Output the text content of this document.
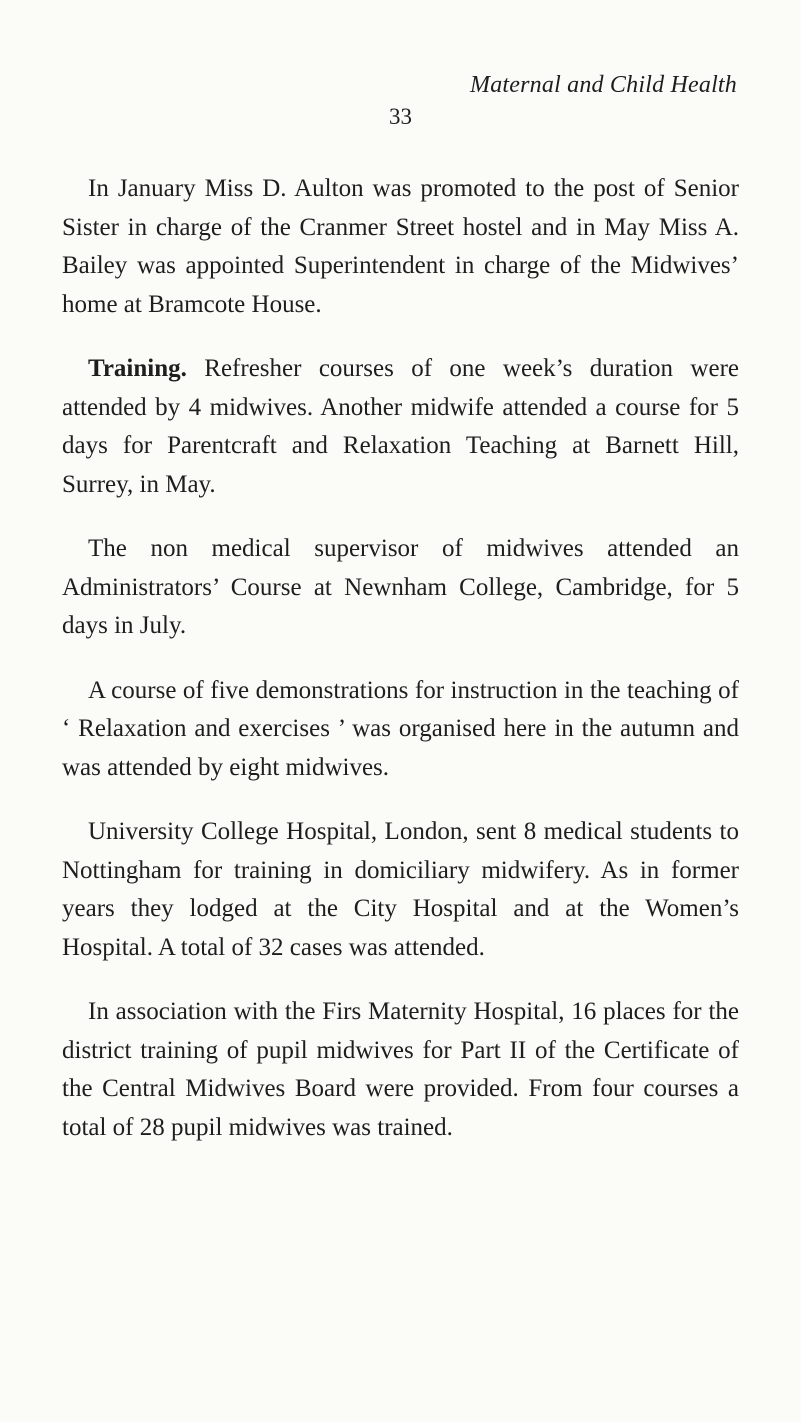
Maternal and Child Health
33

In January Miss D. Aulton was promoted to the post of Senior Sister in charge of the Cranmer Street hostel and in May Miss A. Bailey was appointed Superintendent in charge of the Midwives’ home at Bramcote House.

Training. Refresher courses of one week’s duration were attended by 4 midwives. Another midwife attended a course for 5 days for Parentcraft and Relaxation Teaching at Barnett Hill, Surrey, in May.

The non medical supervisor of midwives attended an Administrators’ Course at Newnham College, Cambridge, for 5 days in July.

A course of five demonstrations for instruction in the teaching of ‘ Relaxation and exercises ’ was organised here in the autumn and was attended by eight midwives.

University College Hospital, London, sent 8 medical students to Nottingham for training in domiciliary midwifery. As in former years they lodged at the City Hospital and at the Women’s Hospital. A total of 32 cases was attended.

In association with the Firs Maternity Hospital, 16 places for the district training of pupil midwives for Part II of the Certificate of the Central Midwives Board were provided. From four courses a total of 28 pupil midwives was trained.
